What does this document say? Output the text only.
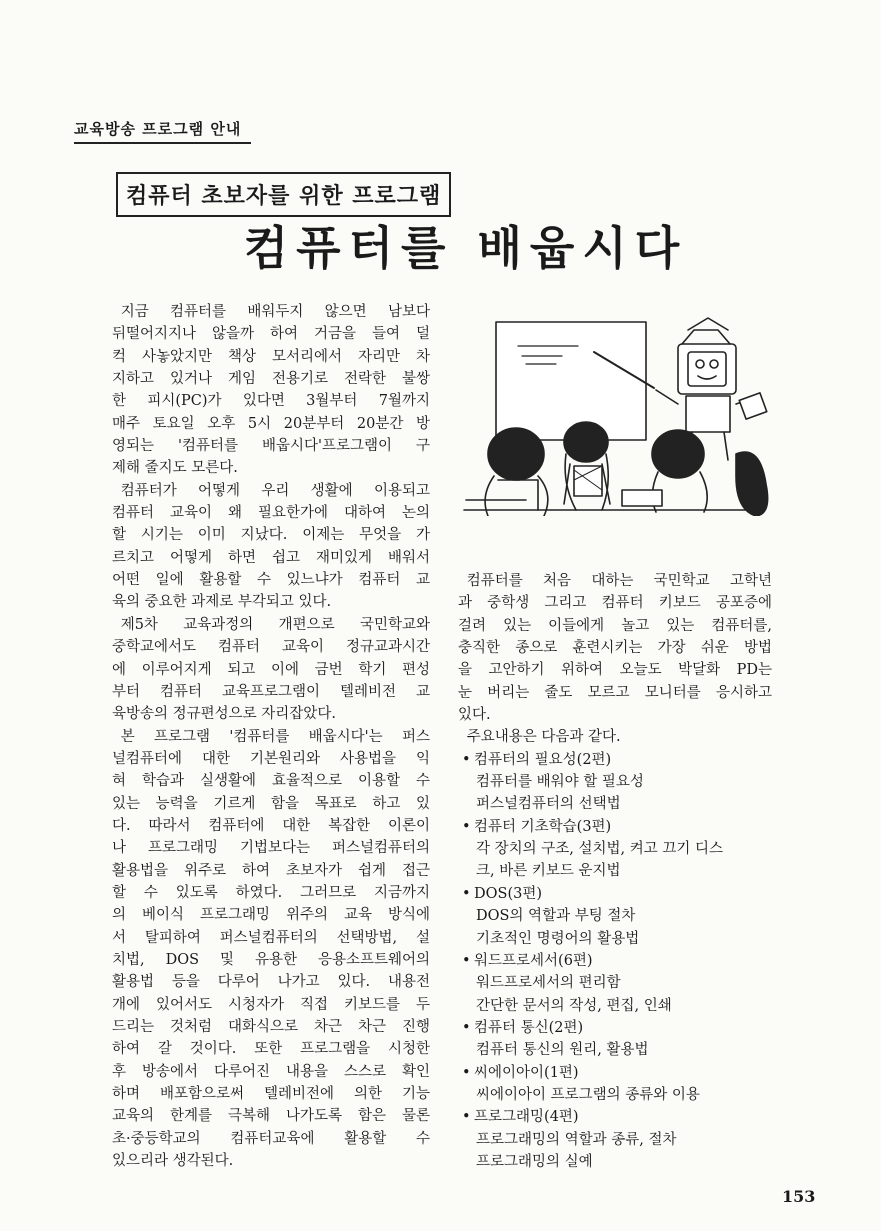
교육방송 프로그램 안내
컴퓨터 초보자를 위한 프로그램
컴퓨터를 배웁시다
지금 컴퓨터를 배워두지 않으면 남보다
뒤떨어지지나 않을까 하여 거금을 들여 덜
컥 사놓았지만 책상 모서리에서 자리만 차
지하고 있거나 게임 전용기로 전락한 불쌍
한 피시(PC)가 있다면 3월부터 7월까지
매주 토요일 오후 5시 20분부터 20분간 방
영되는 '컴퓨터를 배웁시다'프로그램이 구
제해 줄지도 모른다.
컴퓨터가 어떻게 우리 생활에 이용되고
컴퓨터 교육이 왜 필요한가에 대하여 논의
할 시기는 이미 지났다. 이제는 무엇을 가
르치고 어떻게 하면 쉽고 재미있게 배워서
어떤 일에 활용할 수 있느냐가 컴퓨터 교
육의 중요한 과제로 부각되고 있다.
제5차 교육과정의 개편으로 국민학교와
중학교에서도 컴퓨터 교육이 정규교과시간
에 이루어지게 되고 이에 금번 학기 편성
부터 컴퓨터 교육프로그램이 텔레비전 교
육방송의 정규편성으로 자리잡았다.
본 프로그램 '컴퓨터를 배웁시다'는 퍼스
널컴퓨터에 대한 기본원리와 사용법을 익
혀 학습과 실생활에 효율적으로 이용할 수
있는 능력을 기르게 함을 목표로 하고 있
다. 따라서 컴퓨터에 대한 복잡한 이론이
나 프로그래밍 기법보다는 퍼스널컴퓨터의
활용법을 위주로 하여 초보자가 쉽게 접근
할 수 있도록 하였다. 그러므로 지금까지
의 베이식 프로그래밍 위주의 교육 방식에
서 탈피하여 퍼스널컴퓨터의 선택방법, 설
치법, DOS 및 유용한 응용소프트웨어의
활용법 등을 다루어 나가고 있다. 내용전
개에 있어서도 시청자가 직접 키보드를 두
드리는 것처럼 대화식으로 차근 차근 진행
하여 갈 것이다. 또한 프로그램을 시청한
후 방송에서 다루어진 내용을 스스로 확인
하며 배포함으로써 텔레비전에 의한 기능
교육의 한계를 극복해 나가도록 함은 물론
초·중등학교의 컴퓨터교육에 활용할 수
있으리라 생각된다.
컴퓨터를 처음 대하는 국민학교 고학년
과 중학생 그리고 컴퓨터 키보드 공포증에
걸려 있는 이들에게 놀고 있는 컴퓨터를,
충직한 종으로 훈련시키는 가장 쉬운 방법
을 고안하기 위하여 오늘도 박달화 PD는
눈 버리는 줄도 모르고 모니터를 응시하고
있다.
주요내용은 다음과 같다.
• 컴퓨터의 필요성(2편)
컴퓨터를 배워야 할 필요성
퍼스널컴퓨터의 선택법
• 컴퓨터 기초학습(3편)
각 장치의 구조, 설치법, 켜고 끄기 디스
크, 바른 키보드 운지법
• DOS(3편)
DOS의 역할과 부팅 절차
기초적인 명령어의 활용법
• 워드프로세서(6편)
워드프로세서의 편리함
간단한 문서의 작성, 편집, 인쇄
• 컴퓨터 통신(2편)
컴퓨터 통신의 원리, 활용법
• 씨에이아이(1편)
씨에이아이 프로그램의 종류와 이용
• 프로그래밍(4편)
프로그래밍의 역할과 종류, 절차
프로그래밍의 실예
153
